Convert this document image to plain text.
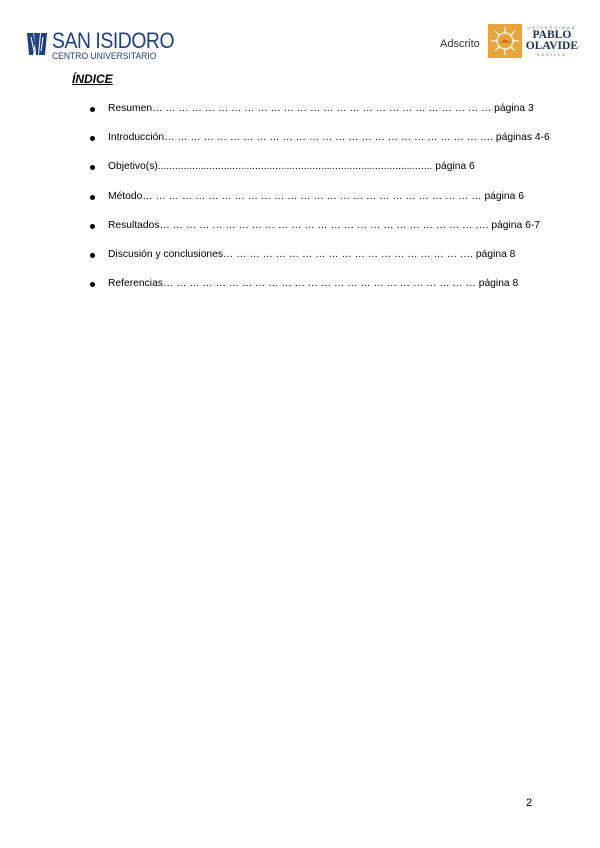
SAN ISIDORO
CENTRO UNIVERSITARIO
Adscrito
UNIVERSIDAD
PABLO
OLAVIDE
SEVILLA
ÍNDICE
Resumen… … … … … … … … … … … … … … … … … … … … … … … … … … página 3
Introducción… … … … … … … … … … … … … … … … … … … … … … … … …. páginas 4-6
Objetivo(s)................................................................................................ página 6
Método… … … … … … … … … … … … … … … … … … … … … … … … … … página 6
Resultados… … … … … … … … … … … … … … … … … … … … … … … … …. página 6-7
Discusión y conclusiones… … … … … … … … … … … … … … … … … … …. página 8
Referencias… … … … … … … … … … … … … … … … … … … … … … … … página 8
2
